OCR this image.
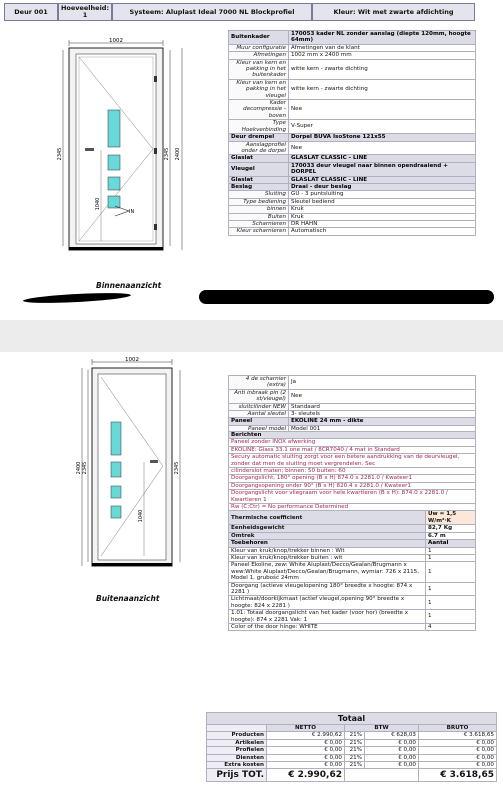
Deur 001	Hoeveelheid: 1	Systeem: Aluplast Ideal 7000 NL Blockprofiel	Kleur: Wit met zwarte afdichting
1002
2400
2345	2345
1040
IN
Binnenaanzicht
Buitenkader	170053 kader NL zonder aanslag (diepte 120mm, hoogte 64mm)
Muur configuratie	Afmetingen van de klant
Afmetingen	1002 mm x 2400 mm
Kleur van kern en pakking in het buitenkader	witte kern - zwarte dichting
Kleur van kern en pakking in het vleugel	witte kern - zwarte dichting
Kader decompressie - boven	Nee
Type Hoekverbinding	V-Super
Deur drempel	Dorpel BUVA IsoStone 121x55
Aanslagprofiel onder de dorpel	Nee
Glaslat	GLASLAT CLASSIC - LINE
Vleugel	170033 deur vleugel naar binnen opendraaiend + DORPEL
Glaslat	GLASLAT CLASSIC - LINE
Beslag	Draai - deur beslag
Sluiting	GU - 3 puntsluiting
Type bediening	Sleutel bediend
binnen	Kruk
Buiten	Kruk
Scharnieren	DR HAHN
Kleur scharnieren	Automatisch
1002
2400 2345	2345
1040
Buitenaanzicht
4 de scharnier (extra)	Ja
Anti inbraak pin (2 st/vleugel)	Nee
sluitcilinder NEW	Standaard
Aantal sleutel	3- sleutels
Paneel	EKOLINE 24 mm - dikte
Paneel model	Model 001

Berichten	
Paneel zonder INOX afwerking	
EKOLINE: Glass 33.1 one mat / 8CR7040 / 4 mat in Standard	
Secury automatic sluiting zorgt voor een betere aandrukking van de deurvleugel, zonder dat men de sluiting moet vergrendelen. Sec	
cilinderslot maten; binnen: 50 buiten: 60	
Doorgangslicht, 180° opening (B x H) 874.0 x 2281.0 / Kwateer1	
Doorgangsopening onder 90° (B x H) 820.4 x 2281.0 / Kwateer1	
Doorgangslicht voor vliegraam voor hele kwartieren (B x H): 874.0 x 2281.0 / Kwartieren 1	
Rw (C;Ctr) = No performance Determined	
Thermische coefficient	Uw = 1,5 W/m²·K
Eenheidsgewicht	82,7 Kg
Omtrek	6.7 m
Toebehoren	Aantal
Kleur van kruk/knop/trekker binnen : Wit	1
Kleur van kruk/knop/trekker buiten : wit	1
Paneel Ekoline, zew: White Aluplast/Decco/Gealan/Brugmann x wew:White Aluplast/Decco/Gealan/Brugmann, wymiar: 726 x 2115, Model 1, grubość 24mm	1
Doorgang (actieve vleugelopening 180° breedte x hoogte: 874 x 2281 )	1
Lichtmaat/doorkijkmaat (actief vleugel,opening 90° breedte x hoogte: 824 x 2281 )	1
1.01: Totaal doorgangslicht van het kader (voor hor) (breedte x hoogte): 874 x 2281 Vak: 1	1
Color of the door hinge: WHITE	4
Totaal				
	NETTO	BTW		BRUTO
Producten	€ 2.990,62	21%	€ 628,03	€ 3.618,65
Artikelen	€ 0,00	21%	€ 0,00	€ 0,00
Profielen	€ 0,00	21%	€ 0,00	€ 0,00
Diensten	€ 0,00	21%	€ 0,00	€ 0,00
Extra kosten	€ 0,00	21%	€ 0,00	€ 0,00
Prijs TOT.	€ 2.990,62			€ 3.618,65
